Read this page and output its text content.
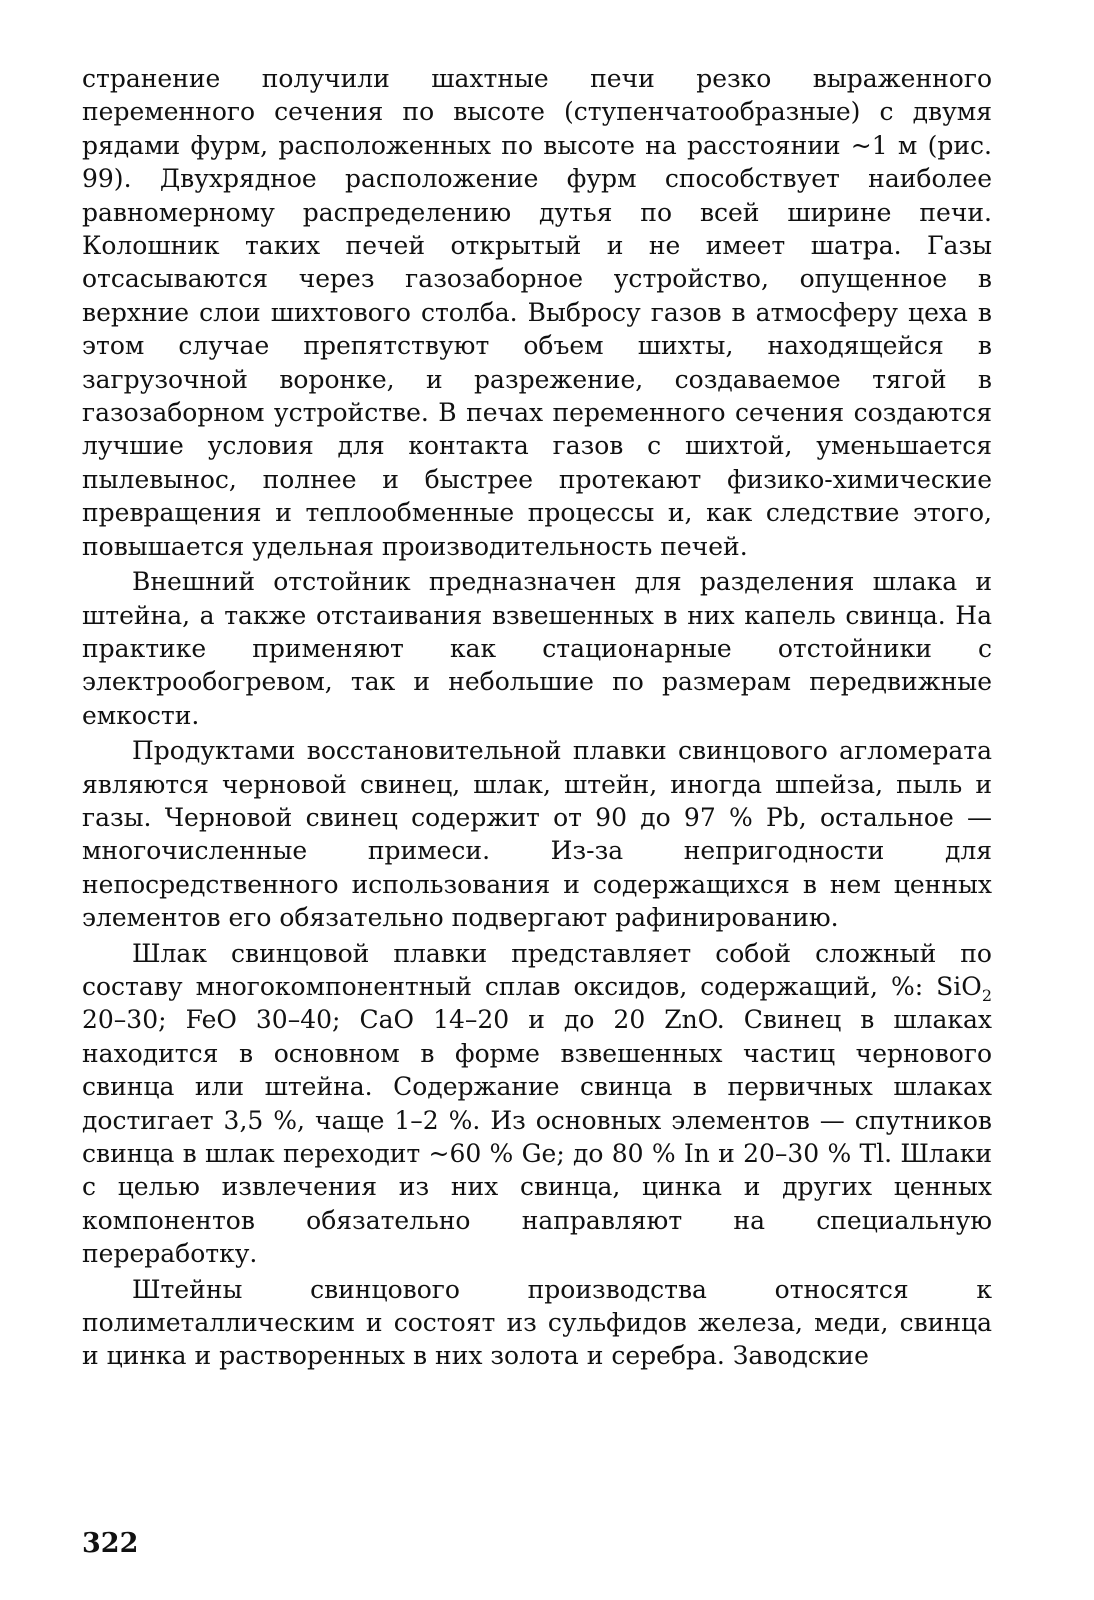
странение получили шахтные печи резко выраженного переменного сечения по высоте (ступенчатообразные) с двумя рядами фурм, расположенных по высоте на расстоянии ~1 м (рис. 99). Двухрядное расположение фурм способствует наиболее равномерному распределению дутья по всей ширине печи. Колошник таких печей открытый и не имеет шатра. Газы отсасываются через газозаборное устройство, опущенное в верхние слои шихтового столба. Выбросу газов в атмосферу цеха в этом случае препятствуют объем шихты, находящейся в загрузочной воронке, и разрежение, создаваемое тягой в газозаборном устройстве. В печах переменного сечения создаются лучшие условия для контакта газов с шихтой, уменьшается пылевынос, полнее и быстрее протекают физико-химические превращения и теплообменные процессы и, как следствие этого, повышается удельная производительность печей.

Внешний отстойник предназначен для разделения шлака и штейна, а также отстаивания взвешенных в них капель свинца. На практике применяют как стационарные отстойники с электрообогревом, так и небольшие по размерам передвижные емкости.

Продуктами восстановительной плавки свинцового агломерата являются черновой свинец, шлак, штейн, иногда шпейза, пыль и газы. Черновой свинец содержит от 90 до 97 % Pb, остальное — многочисленные примеси. Из-за непригодности для непосредственного использования и содержащихся в нем ценных элементов его обязательно подвергают рафинированию.

Шлак свинцовой плавки представляет собой сложный по составу многокомпонентный сплав оксидов, содержащий, %: SiO$_2$ 20–30; FeO 30–40; CaO 14–20 и до 20 ZnO. Свинец в шлаках находится в основном в форме взвешенных частиц чернового свинца или штейна. Содержание свинца в первичных шлаках достигает 3,5 %, чаще 1–2 %. Из основных элементов — спутников свинца в шлак переходит ~60 % Ge; до 80 % In и 20–30 % Tl. Шлаки с целью извлечения из них свинца, цинка и других ценных компонентов обязательно направляют на специальную переработку.

Штейны свинцового производства относятся к полиметаллическим и состоят из сульфидов железа, меди, свинца и цинка и растворенных в них золота и серебра. Заводские

322
